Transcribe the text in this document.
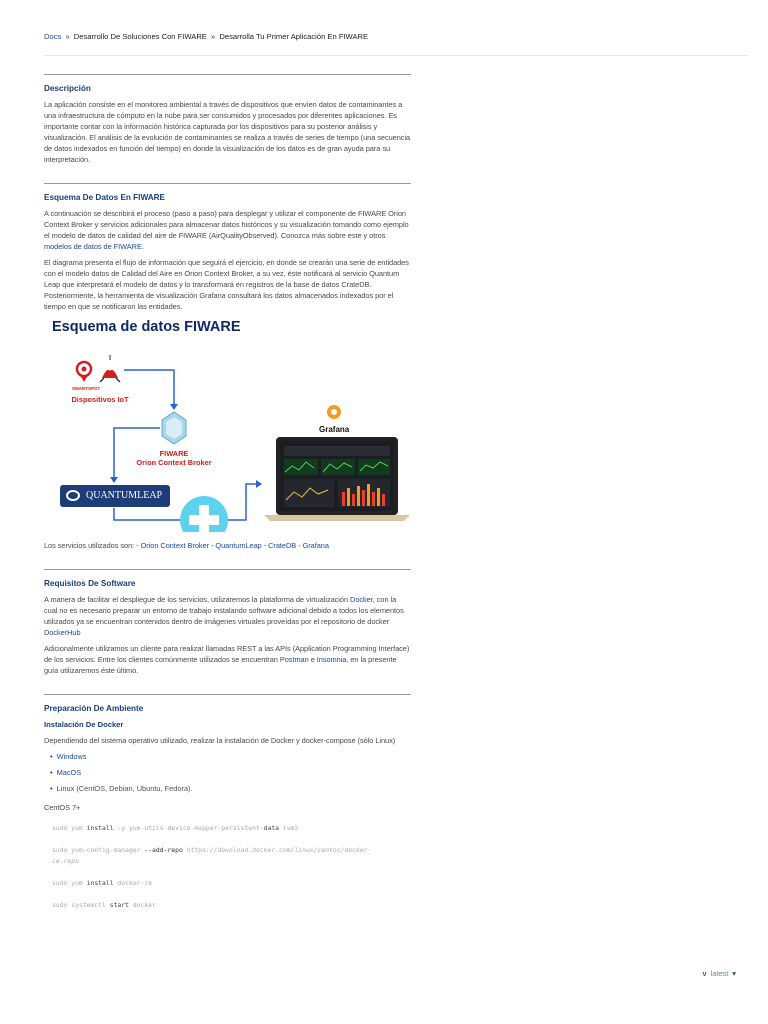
Docs » Desarrollo De Soluciones Con FIWARE » Desarrolla Tu Primer Aplicación En FIWARE
Descripción

La aplicación consiste en el monitoreo ambiental a través de dispositivos que envíen datos de contaminantes a una infraestructura de cómputo en la nube para ser consumidos y procesados por diferentes aplicaciones. Es importante contar con la información histórica capturada por los dispositivos para su posterior análisis y visualización. El análisis de la evolución de contaminantes se realiza a través de series de tiempo (una secuencia de datos indexados en función del tiempo) en donde la visualización de los datos es de gran ayuda para su interpretación.

Esquema De Datos En FIWARE

A continuación se describirá el proceso (paso a paso) para desplegar y utilizar el componente de FIWARE Orion Context Broker y servicios adicionales para almacenar datos históricos y su visualización tomando como ejemplo el modelo de datos de calidad del aire de FIWARE (AirQualityObserved). Conozca más sobre este y otros modelos de datos de FIWARE.

El diagrama presenta el flujo de información que seguirá el ejercicio, en donde se crearán una serie de entidades con el modelo datos de Calidad del Aire en Orion Context Broker, a su vez, éste notificará al servicio Quantum Leap que interpretará el modelo de datos y lo transformará en registros de la base de datos CrateDB. Posteriormente, la herramienta de visualización Grafana consultará los datos almacenados indexados por el tiempo en que se notificaron las entidades.

Esquema de datos FIWARE
SMARTSPOT
Dispositivos IoT
FIWARE
Orion Context Broker
Grafana
QUANTUMLEAP

Los servicios utilizados son: - Orion Context Broker - QuantumLeap - CrateDB - Grafana

Requisitos De Software

A manera de facilitar el despliegue de los servicios, utilizaremos la plataforma de virtualización Docker, con la cual no es necesario preparar un entorno de trabajo instalando software adicional debido a todos los elementos utilizados ya se encuentran contenidos dentro de imágenes virtuales proveídas por el repositorio de docker DockerHub

Adicionalmente utilizamos un cliente para realizar llamadas REST a las APIs (Application Programming Interface) de los servicios. Entre los clientes comúnmente utilizados se encuentran Postman e Insomnia, en la presente guía utilizaremos éste último.

Preparación De Ambiente
Instalación De Docker

Dependiendo del sistema operativo utilizado, realizar la instalación de Docker y docker-compose (sólo Linux)

• Windows
• MacOS
• Linux (CentOS, Debian, Ubuntu, Fedora).

CentOS 7+

sudo yum install -y yum-utils device-mapper-persistent-data lvm2
sudo yum-config-manager --add-repo https://download.docker.com/linux/centos/docker-
ce.repo
sudo yum install docker-ce
sudo systemctl start docker
ν latest ▾
